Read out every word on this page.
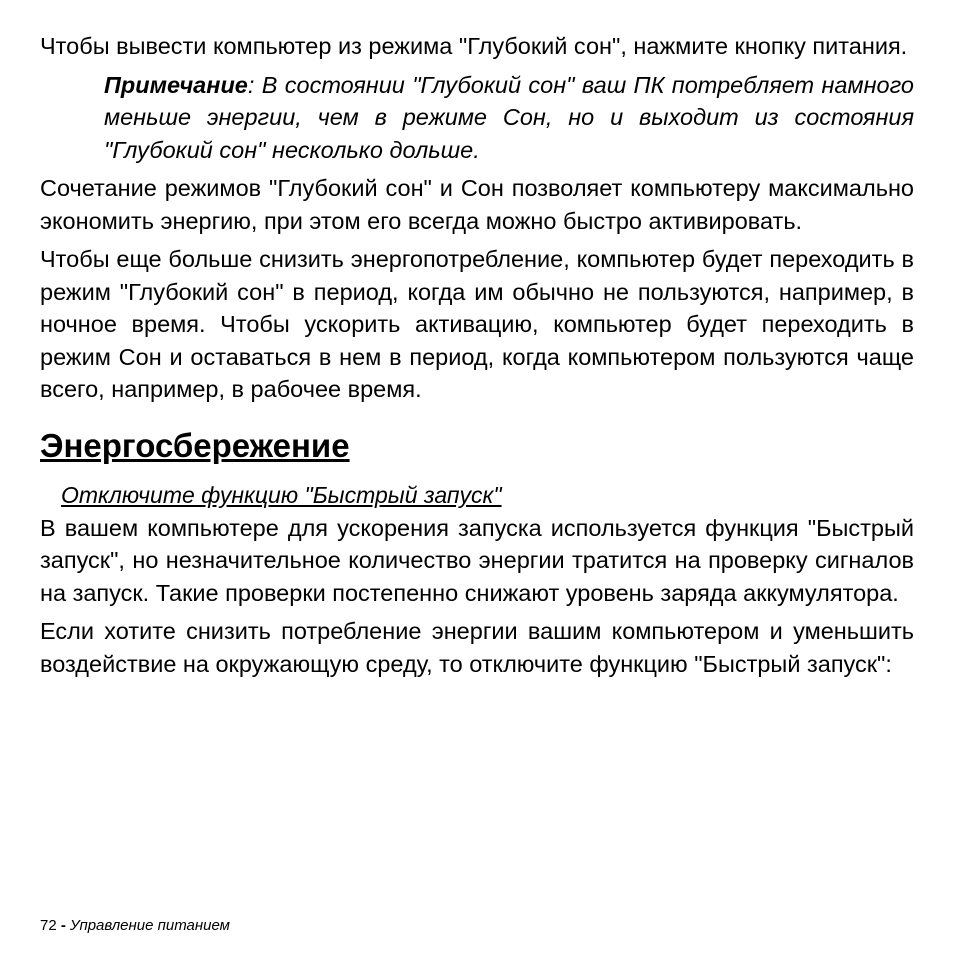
Чтобы вывести компьютер из режима "Глубокий сон", нажмите кнопку питания.

Примечание: В состоянии "Глубокий сон" ваш ПК потребляет намного меньше энергии, чем в режиме Сон, но и выходит из состояния "Глубокий сон" несколько дольше.

Сочетание режимов "Глубокий сон" и Сон позволяет компьютеру максимально экономить энергию, при этом его всегда можно быстро активировать.

Чтобы еще больше снизить энергопотребление, компьютер будет переходить в режим "Глубокий сон" в период, когда им обычно не пользуются, например, в ночное время. Чтобы ускорить активацию, компьютер будет переходить в режим Сон и оставаться в нем в период, когда компьютером пользуются чаще всего, например, в рабочее время.

Энергосбережение
Отключите функцию "Быстрый запуск"

В вашем компьютере для ускорения запуска используется функция "Быстрый запуск", но незначительное количество энергии тратится на проверку сигналов на запуск. Такие проверки постепенно снижают уровень заряда аккумулятора.

Если хотите снизить потребление энергии вашим компьютером и уменьшить воздействие на окружающую среду, то отключите функцию "Быстрый запуск":

72 - Управление питанием
